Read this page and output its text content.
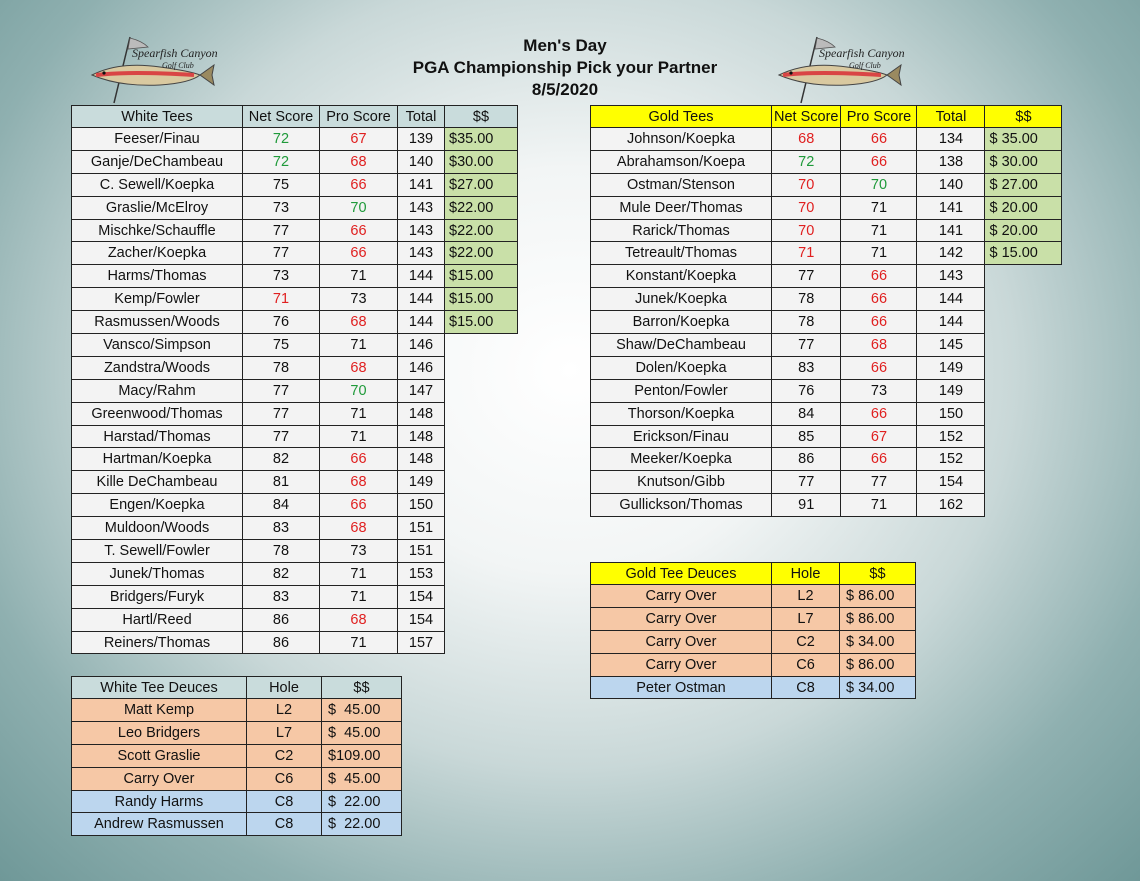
Spearfish Canyon
Golf Club
Spearfish Canyon
Golf Club
Men's Day
PGA Championship Pick your Partner
8/5/2020
White Tees	Net Score	Pro Score	Total	$$
Feeser/Finau	72	67	139	$35.00
Ganje/DeChambeau	72	68	140	$30.00
C. Sewell/Koepka	75	66	141	$27.00
Graslie/McElroy	73	70	143	$22.00
Mischke/Schauffle	77	66	143	$22.00
Zacher/Koepka	77	66	143	$22.00
Harms/Thomas	73	71	144	$15.00
Kemp/Fowler	71	73	144	$15.00
Rasmussen/Woods	76	68	144	$15.00
Vansco/Simpson	75	71	146	
Zandstra/Woods	78	68	146	
Macy/Rahm	77	70	147	
Greenwood/Thomas	77	71	148	
Harstad/Thomas	77	71	148	
Hartman/Koepka	82	66	148	
Kille DeChambeau	81	68	149	
Engen/Koepka	84	66	150	
Muldoon/Woods	83	68	151	
T. Sewell/Fowler	78	73	151	
Junek/Thomas	82	71	153	
Bridgers/Furyk	83	71	154	
Hartl/Reed	86	68	154	
Reiners/Thomas	86	71	157	
Gold Tees	Net Score	Pro Score	Total	$$
Johnson/Koepka	68	66	134	$ 35.00
Abrahamson/Koepa	72	66	138	$ 30.00
Ostman/Stenson	70	70	140	$ 27.00
Mule Deer/Thomas	70	71	141	$ 20.00
Rarick/Thomas	70	71	141	$ 20.00
Tetreault/Thomas	71	71	142	$ 15.00
Konstant/Koepka	77	66	143	
Junek/Koepka	78	66	144	
Barron/Koepka	78	66	144	
Shaw/DeChambeau	77	68	145	
Dolen/Koepka	83	66	149	
Penton/Fowler	76	73	149	
Thorson/Koepka	84	66	150	
Erickson/Finau	85	67	152	
Meeker/Koepka	86	66	152	
Knutson/Gibb	77	77	154	
Gullickson/Thomas	91	71	162	
White Tee Deuces	Hole	$$
Matt Kemp	L2	$  45.00
Leo Bridgers	L7	$  45.00
Scott Graslie	C2	$109.00
Carry Over	C6	$  45.00
Randy Harms	C8	$  22.00
Andrew Rasmussen	C8	$  22.00
Gold Tee Deuces	Hole	$$
Carry Over	L2	$ 86.00
Carry Over	L7	$ 86.00
Carry Over	C2	$ 34.00
Carry Over	C6	$ 86.00
Peter Ostman	C8	$ 34.00
